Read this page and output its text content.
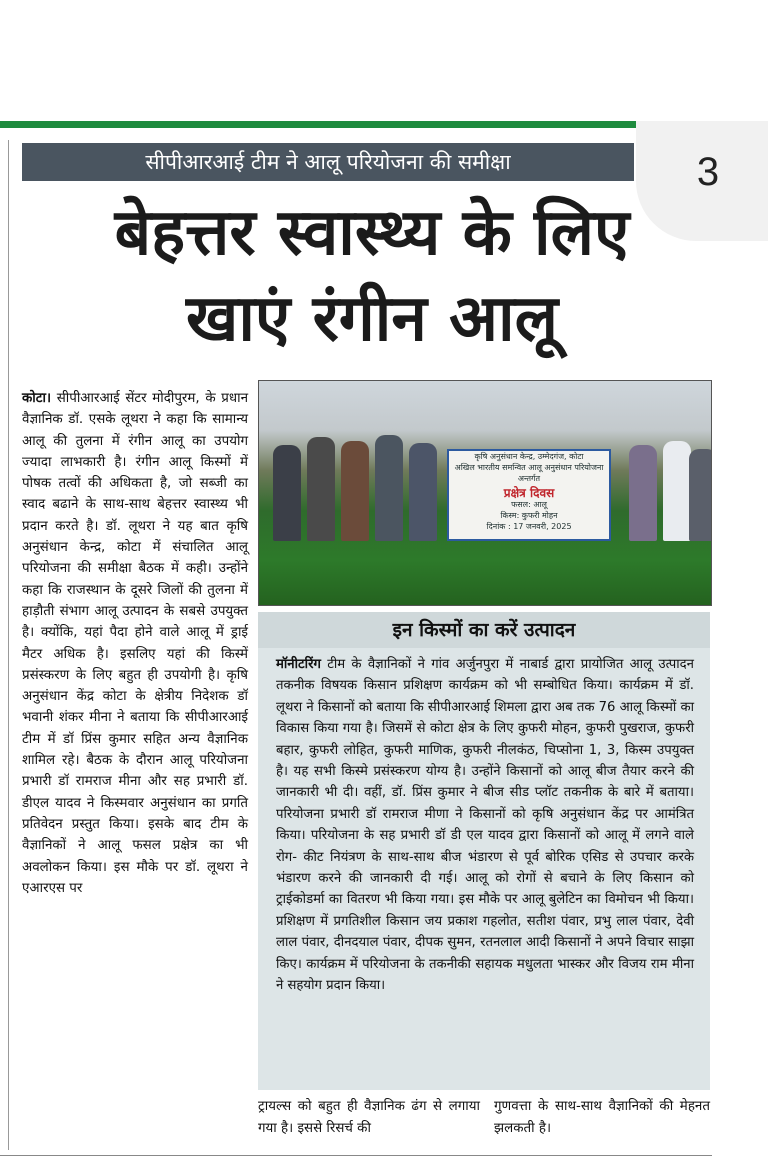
3
सीपीआरआई टीम ने आलू परियोजना की समीक्षा
बेहत्तर स्वास्थ्य के लिए
खाएं रंगीन आलू
कोटा। सीपीआरआई सेंटर मोदीपुरम, के प्रधान वैज्ञानिक डॉ. एसके लूथरा ने कहा कि सामान्य आलू की तुलना में रंगीन आलू का उपयोग ज्यादा लाभकारी है। रंगीन आलू किस्मों में पोषक तत्वों की अधिकता है, जो सब्जी का स्वाद बढाने के साथ-साथ बेहत्तर स्वास्थ्य भी प्रदान करते है। डॉ. लूथरा ने यह बात कृषि अनुसंधान केन्द्र, कोटा में संचालित आलू परियोजना की समीक्षा बैठक में कही। उन्होंने कहा कि राजस्थान के दूसरे जिलों की तुलना में हाड़ौती संभाग आलू उत्पादन के सबसे उपयुक्त है। क्योंकि, यहां पैदा होने वाले आलू में ड्राई मैटर अधिक है। इसलिए यहां की किस्में प्रसंस्करण के लिए बहुत ही उपयोगी है। कृषि अनुसंधान केंद्र कोटा के क्षेत्रीय निदेशक डॉ भवानी शंकर मीना ने बताया कि सीपीआरआई टीम में डॉ प्रिंस कुमार सहित अन्य वैज्ञानिक शामिल रहे। बैठक के दौरान आलू परियोजना प्रभारी डॉ रामराज मीना और सह प्रभारी डॉ. डीएल यादव ने किस्मवार अनुसंधान का प्रगति प्रतिवेदन प्रस्तुत किया। इसके बाद टीम के वैज्ञानिकों ने आलू फसल प्रक्षेत्र का भी अवलोकन किया। इस मौके पर डॉ. लूथरा ने एआरएस पर
कृषि अनुसंधान केन्द्र, उम्मेदगंज, कोटा
अखिल भारतीय समन्वित आलू अनुसंधान परियोजना अन्तर्गत
प्रक्षेत्र दिवस
फसल: आलू
किस्म: कुफरी मोहन
दिनांक : 17 जनवरी, 2025
इन किस्मों का करें उत्पादन
मॉनीटरिंग टीम के वैज्ञानिकों ने गांव अर्जुनपुरा में नाबार्ड द्वारा प्रायोजित आलू उत्पादन तकनीक विषयक किसान प्रशिक्षण कार्यक्रम को भी सम्बोधित किया। कार्यक्रम में डॉ. लूथरा ने किसानों को बताया कि सीपीआरआई शिमला द्वारा अब तक 76 आलू किस्मों का विकास किया गया है। जिसमें से कोटा क्षेत्र के लिए कुफरी मोहन, कुफरी पुखराज, कुफरी बहार, कुफरी लोहित, कुफरी माणिक, कुफरी नीलकंठ, चिप्सोना 1, 3, किस्म उपयुक्त है। यह सभी किस्मे प्रसंस्करण योग्य है। उन्होंने किसानों को आलू बीज तैयार करने की जानकारी भी दी। वहीं, डॉ. प्रिंस कुमार ने बीज सीड प्लॉट तकनीक के बारे में बताया। परियोजना प्रभारी डॉ रामराज मीणा ने किसानों को कृषि अनुसंधान केंद्र पर आमंत्रित किया। परियोजना के सह प्रभारी डॉ डी एल यादव द्वारा किसानों को आलू में लगने वाले रोग- कीट नियंत्रण के साथ-साथ बीज भंडारण से पूर्व बोरिक एसिड से उपचार करके भंडारण करने की जानकारी दी गई। आलू को रोगों से बचाने के लिए किसान को ट्राईकोडर्मा का वितरण भी किया गया। इस मौके पर आलू बुलेटिन का विमोचन भी किया। प्रशिक्षण में प्रगतिशील किसान जय प्रकाश गहलोत, सतीश पंवार, प्रभु लाल पंवार, देवी लाल पंवार, दीनदयाल पंवार, दीपक सुमन, रतनलाल आदी किसानों ने अपने विचार साझा किए। कार्यक्रम में परियोजना के तकनीकी सहायक मधुलता भास्कर और विजय राम मीना ने सहयोग प्रदान किया।
ट्रायल्स को बहुत ही वैज्ञानिक ढंग से लगाया गया है। इससे रिसर्च की
गुणवत्ता के साथ-साथ वैज्ञानिकों की मेहनत झलकती है।
